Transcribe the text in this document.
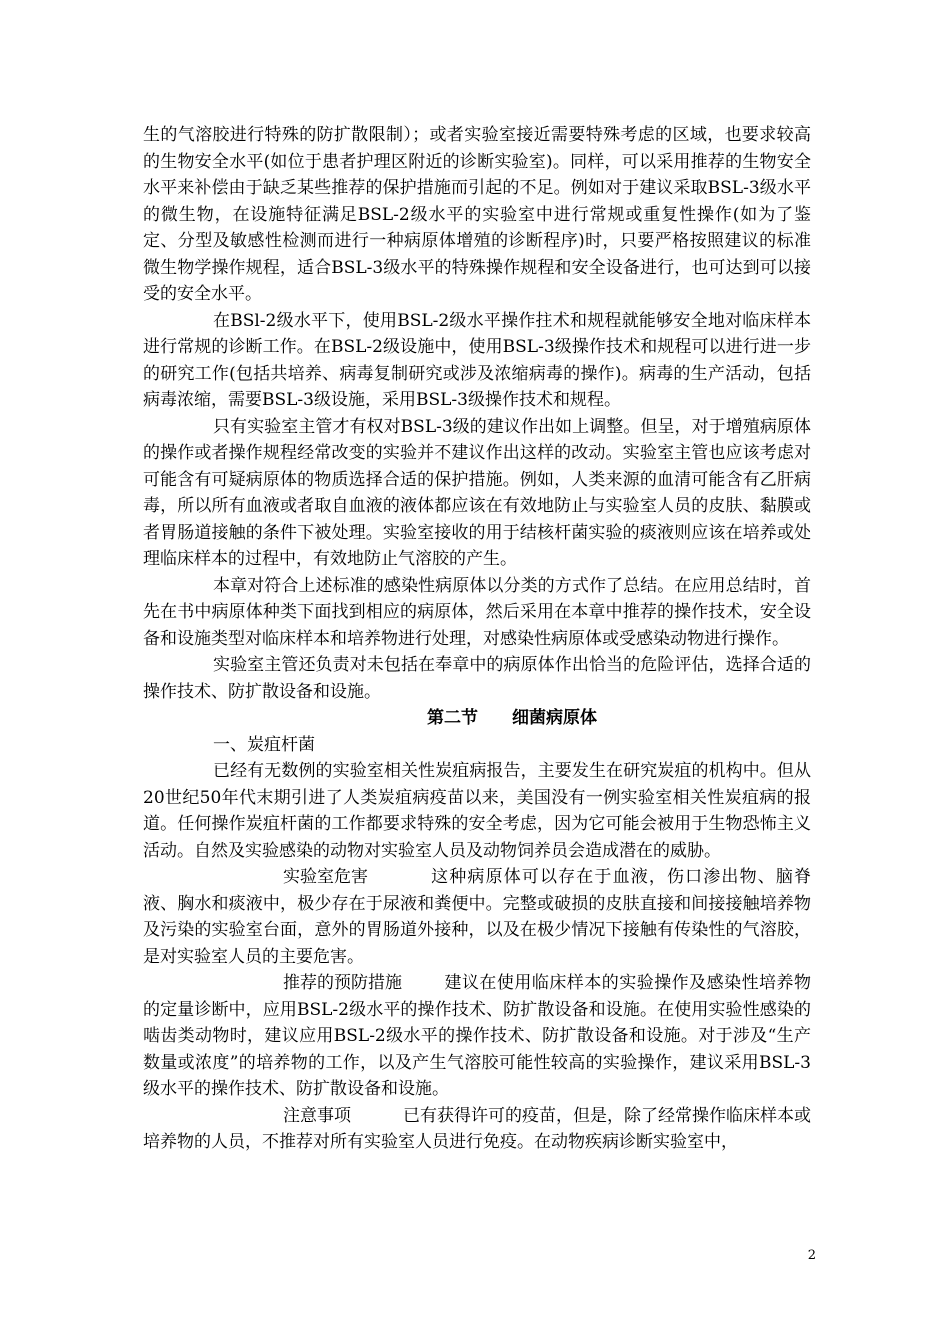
生的气溶胶进行特殊的防扩散限制）；或者实验室接近需要特殊考虑的区域，也要求较高的生物安全水平(如位于患者护理区附近的诊断实验室)。同样，可以采用推荐的生物安全水平来补偿由于缺乏某些推荐的保护措施而引起的不足。例如对于建议采取BSL-3级水平的微生物，在设施特征满足BSL-2级水平的实验室中进行常规或重复性操作(如为了鉴定、分型及敏感性检测而进行一种病原体增殖的诊断程序)时，只要严格按照建议的标准微生物学操作规程，适合BSL-3级水平的特殊操作规程和安全设备进行，也可达到可以接受的安全水平。

在BSl-2级水平下，使用BSL-2级水平操作拄术和规程就能够安全地对临床样本进行常规的诊断工作。在BSL-2级设施中，使用BSL-3级操作技术和规程可以进行进一步的研究工作(包括共培养、病毒复制研究或涉及浓缩病毒的操作)。病毒的生产活动，包括病毒浓缩，需要BSL-3级设施，采用BSL-3级操作技术和规程。

只有实验室主管才有权对BSL-3级的建议作出如上调整。但呈，对于增殖病原体的操作或者操作规程经常改变的实验并不建议作出这样的改动。实验室主管也应该考虑对可能含有可疑病原体的物质选择合适的保护措施。例如，人类来源的血清可能含有乙肝病毒，所以所有血液或者取自血液的液体都应该在有效地防止与实验室人员的皮肤、黏膜或者胃肠道接触的条件下被处理。实验室接收的用于结核杆菌实验的痰液则应该在培养或处理临床样本的过程中，有效地防止气溶胶的产生。

本章对符合上述标准的感染性病原体以分类的方式作了总结。在应用总结时，首先在书中病原体种类下面找到相应的病原体，然后采用在本章中推荐的操作技术，安全设备和设施类型对临床样本和培养物进行处理，对感染性病原体或受感染动物进行操作。

实验室主管还负责对未包括在奉章中的病原体作出恰当的危险评估，选择合适的操作技术、防扩散设备和设施。

第二节 细菌病原体

一、炭疽杆菌

已经有无数例的实验室相关性炭疽病报告，主要发生在研究炭疽的机构中。但从20世纪50年代末期引进了人类炭疽病疫苗以来，美国没有一例实验室相关性炭疽病的报道。任何操作炭疽杆菌的工作都要求特殊的安全考虑，因为它可能会被用于生物恐怖主义活动。自然及实验感染的动物对实验室人员及动物饲养员会造成潜在的威胁。

实验室危害	这种病原体可以存在于血液，伤口渗出物、脑脊液、胸水和痰液中，极少存在于尿液和粪便中。完整或破损的皮肤直接和间接接触培养物及污染的实验室台面，意外的胃肠道外接种，以及在极少情况下接触有传染性的气溶胶，是对实验室人员的主要危害。

推荐的预防措施 建议在使用临床样本的实验操作及感染性培养物的定量诊断中，应用BSL-2级水平的操作技术、防扩散设备和设施。在使用实验性感染的啮齿类动物时，建议应用BSL-2级水平的操作技术、防扩散设备和设施。对于涉及“生产数量或浓度”的培养物的工作，以及产生气溶胶可能性较高的实验操作，建议采用BSL-3级水平的操作技术、防扩散设备和设施。

注意事项	已有获得许可的疫苗，但是，除了经常操作临床样本或培养物的人员，不推荐对所有实验室人员进行免疫。在动物疾病诊断实验室中，

2
